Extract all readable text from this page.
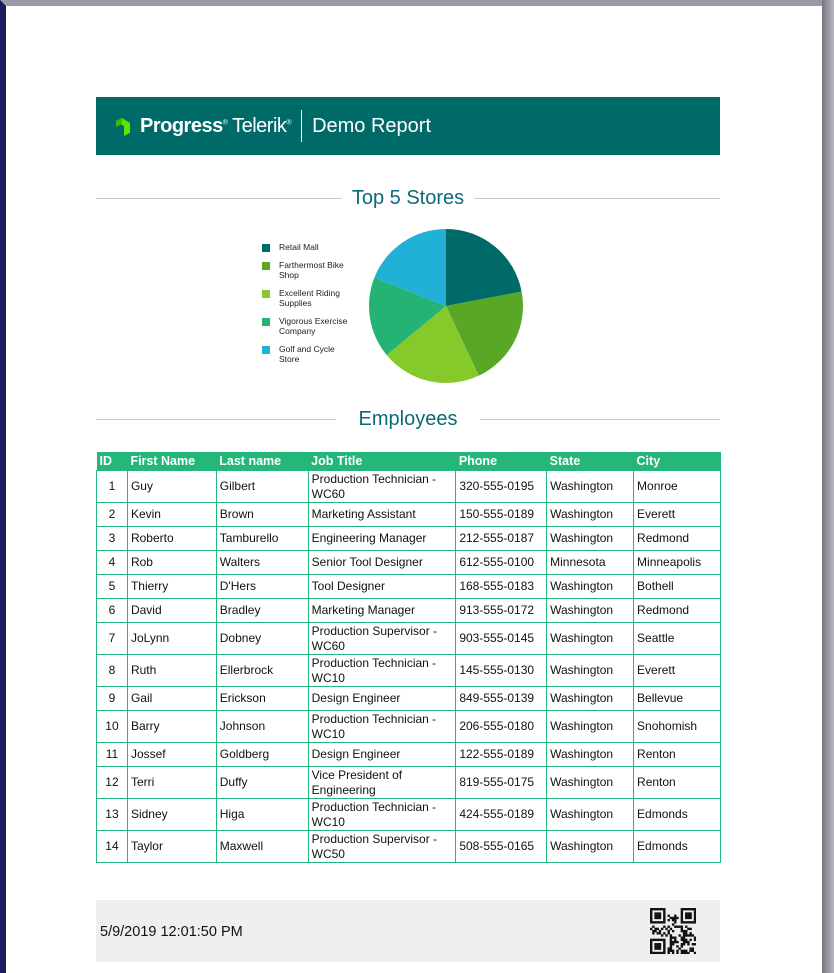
Progress® Telerik® Demo Report
Top 5 Stores
Retail Mall
Farthermost Bike Shop
Excellent Riding Supplies
Vigorous Exercise Company
Golf and Cycle Store
Employees
ID	First Name	Last name	Job Title	Phone	State	City
1	Guy	Gilbert	Production Technician - WC60	320-555-0195	Washington	Monroe
2	Kevin	Brown	Marketing Assistant	150-555-0189	Washington	Everett
3	Roberto	Tamburello	Engineering Manager	212-555-0187	Washington	Redmond
4	Rob	Walters	Senior Tool Designer	612-555-0100	Minnesota	Minneapolis
5	Thierry	D'Hers	Tool Designer	168-555-0183	Washington	Bothell
6	David	Bradley	Marketing Manager	913-555-0172	Washington	Redmond
7	JoLynn	Dobney	Production Supervisor - WC60	903-555-0145	Washington	Seattle
8	Ruth	Ellerbrock	Production Technician - WC10	145-555-0130	Washington	Everett
9	Gail	Erickson	Design Engineer	849-555-0139	Washington	Bellevue
10	Barry	Johnson	Production Technician - WC10	206-555-0180	Washington	Snohomish
11	Jossef	Goldberg	Design Engineer	122-555-0189	Washington	Renton
12	Terri	Duffy	Vice President of Engineering	819-555-0175	Washington	Renton
13	Sidney	Higa	Production Technician - WC10	424-555-0189	Washington	Edmonds
14	Taylor	Maxwell	Production Supervisor - WC50	508-555-0165	Washington	Edmonds
5/9/2019 12:01:50 PM
